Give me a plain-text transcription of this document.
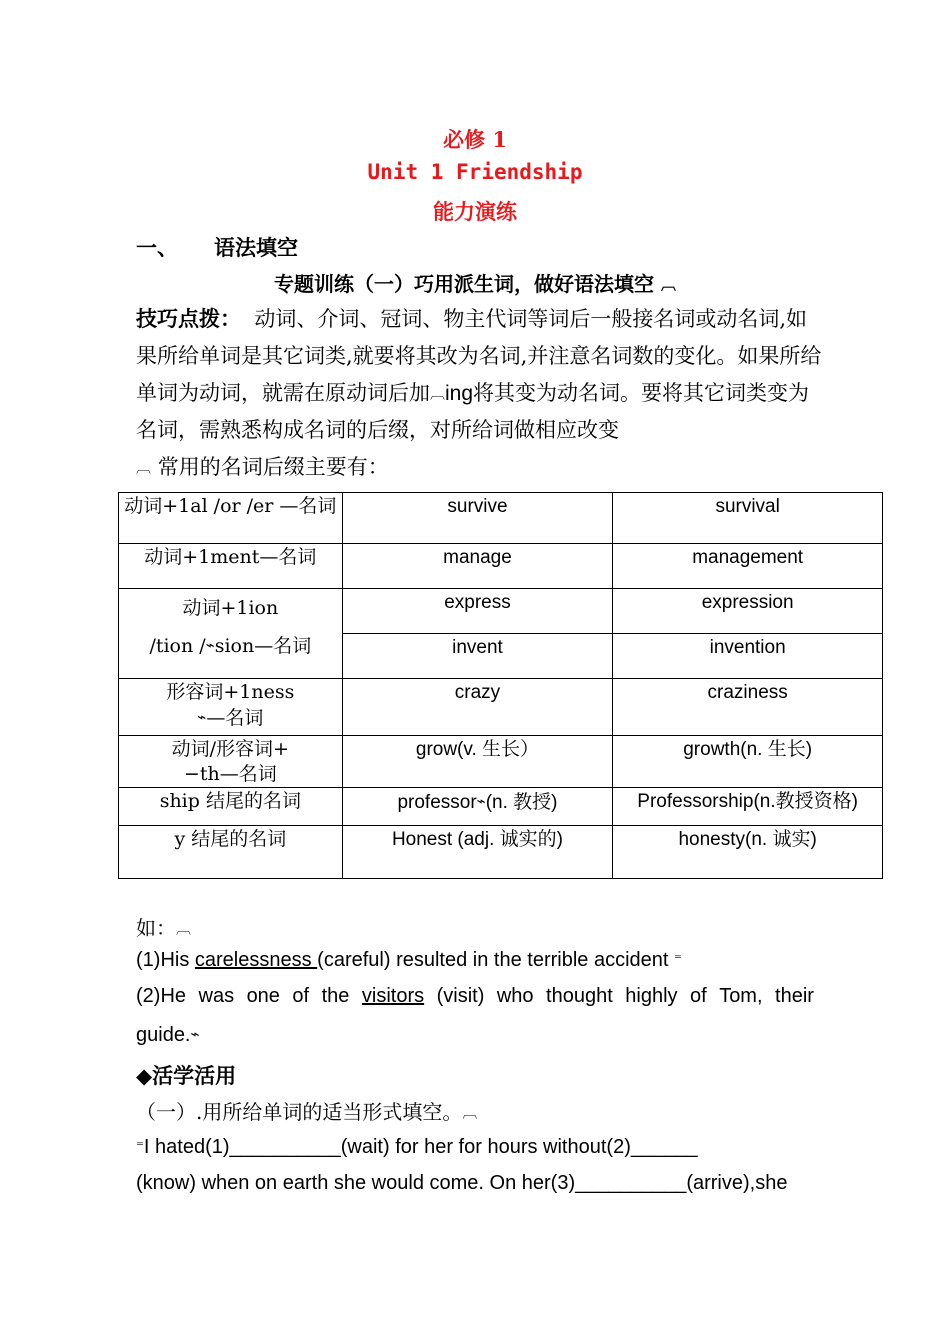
必修 1
Unit 1 Friendship
能力演练
一、 语法填空
专题训练（一）巧用派生词，做好语法填空 ︹
技巧点拨： 动词、介词、冠词、物主代词等词后一般接名词或动名词,如果所给单词是其它词类,就要将其改为名词,并注意名词数的变化。如果所给单词为动词，就需在原动词后加︹ing将其变为动名词。要将其它词类变为名词，需熟悉构成名词的后缀，对所给词做相应改变
︹ 常用的名词后缀主要有：
动词+1al /or /er —名词	survive	survival
动词+1ment—名词	manage	management
动词+1ion
/tion /⌁sion—名词	express	expression
	invent	invention
形容词+1ness
⌁—名词	crazy	craziness
动词/形容词+
−th—名词	grow(v. 生长）	growth(n. 生长)
ship 结尾的名词	professor⌁(n. 教授)	Professorship(n.教授资格)
y 结尾的名词	Honest (adj. 诚实的)	honesty(n. 诚实)
如：︹
(1)His carelessness (careful) resulted in the terrible accident ⁼
(2)He was one of the visitors (visit) who thought highly of Tom, their
guide.⌁
◆活学活用
（一）.用所给单词的适当形式填空。︹
⁼I hated(1)__________(wait) for her for hours without(2)______
(know) when on earth she would come. On her(3)__________(arrive),she
